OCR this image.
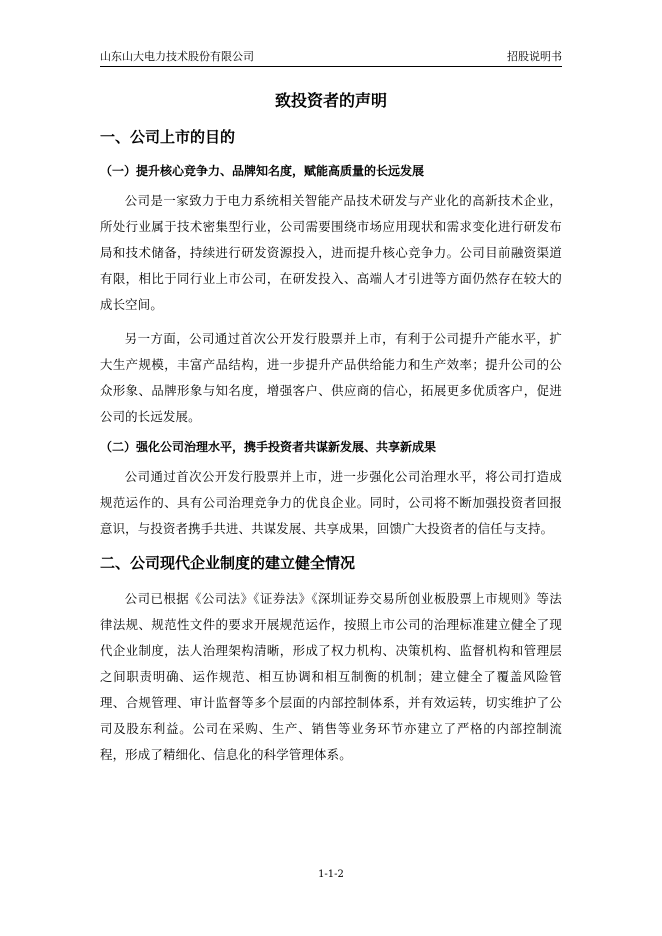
山东山大电力技术股份有限公司	招股说明书
致投资者的声明
一、公司上市的目的
（一）提升核心竞争力、品牌知名度，赋能高质量的长远发展

公司是一家致力于电力系统相关智能产品技术研发与产业化的高新技术企业，所处行业属于技术密集型行业，公司需要围绕市场应用现状和需求变化进行研发布局和技术储备，持续进行研发资源投入，进而提升核心竞争力。公司目前融资渠道有限，相比于同行业上市公司，在研发投入、高端人才引进等方面仍然存在较大的成长空间。

另一方面，公司通过首次公开发行股票并上市，有利于公司提升产能水平，扩大生产规模，丰富产品结构，进一步提升产品供给能力和生产效率；提升公司的公众形象、品牌形象与知名度，增强客户、供应商的信心，拓展更多优质客户，促进公司的长远发展。

（二）强化公司治理水平，携手投资者共谋新发展、共享新成果

公司通过首次公开发行股票并上市，进一步强化公司治理水平，将公司打造成规范运作的、具有公司治理竞争力的优良企业。同时，公司将不断加强投资者回报意识，与投资者携手共进、共谋发展、共享成果，回馈广大投资者的信任与支持。

二、公司现代企业制度的建立健全情况

公司已根据《公司法》《证券法》《深圳证券交易所创业板股票上市规则》等法律法规、规范性文件的要求开展规范运作，按照上市公司的治理标准建立健全了现代企业制度，法人治理架构清晰，形成了权力机构、决策机构、监督机构和管理层之间职责明确、运作规范、相互协调和相互制衡的机制；建立健全了覆盖风险管理、合规管理、审计监督等多个层面的内部控制体系，并有效运转，切实维护了公司及股东利益。公司在采购、生产、销售等业务环节亦建立了严格的内部控制流程，形成了精细化、信息化的科学管理体系。

1-1-2
